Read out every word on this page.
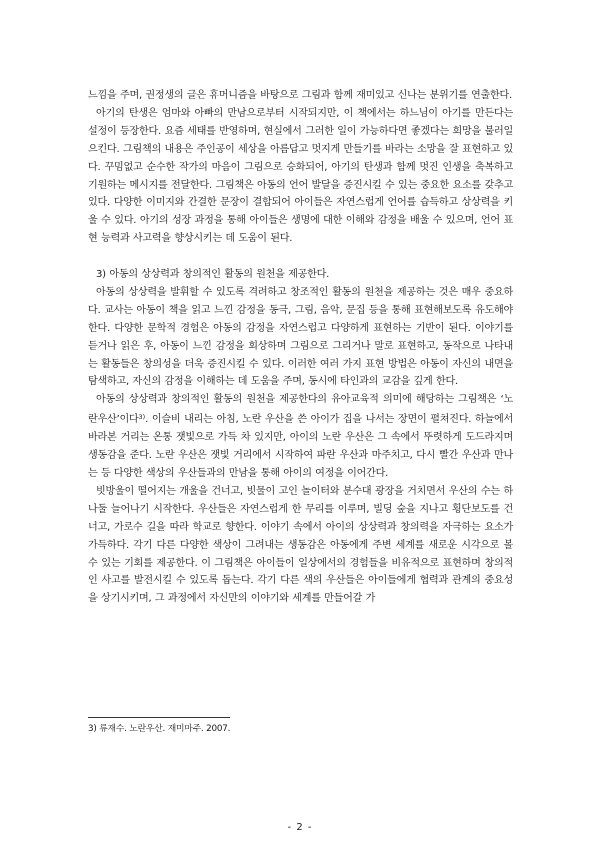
느낌을 주며, 권정생의 글은 휴머니즘을 바탕으로 그림과 함께 재미있고 신나는 분위기를 연출한다.

아기의 탄생은 엄마와 아빠의 만남으로부터 시작되지만, 이 책에서는 하느님이 아기를 만든다는 설정이 등장한다. 요즘 세태를 반영하며, 현실에서 그러한 일이 가능하다면 좋겠다는 희망을 불러일으킨다. 그림책의 내용은 주인공이 세상을 아름답고 멋지게 만들기를 바라는 소망을 잘 표현하고 있다. 꾸밈없고 순수한 작가의 마음이 그림으로 승화되어, 아기의 탄생과 함께 멋진 인생을 축복하고 기원하는 메시지를 전달한다. 그림책은 아동의 언어 발달을 증진시킬 수 있는 중요한 요소를 갖추고 있다. 다양한 이미지와 간결한 문장이 결합되어 아이들은 자연스럽게 언어를 습득하고 상상력을 키울 수 있다. 아기의 성장 과정을 통해 아이들은 생명에 대한 이해와 감정을 배울 수 있으며, 언어 표현 능력과 사고력을 향상시키는 데 도움이 된다.

3) 아동의 상상력과 창의적인 활동의 원천을 제공한다.

아동의 상상력을 발휘할 수 있도록 격려하고 창조적인 활동의 원천을 제공하는 것은 매우 중요하다. 교사는 아동이 책을 읽고 느낀 감정을 동극, 그림, 음악, 문집 등을 통해 표현해보도록 유도해야 한다. 다양한 문학적 경험은 아동의 감정을 자연스럽고 다양하게 표현하는 기반이 된다. 이야기를 듣거나 읽은 후, 아동이 느낀 감정을 회상하며 그림으로 그리거나 말로 표현하고, 동작으로 나타내는 활동들은 창의성을 더욱 증진시킬 수 있다. 이러한 여러 가지 표현 방법은 아동이 자신의 내면을 탐색하고, 자신의 감정을 이해하는 데 도움을 주며, 동시에 타인과의 교감을 깊게 한다.

아동의 상상력과 창의적인 활동의 원천을 제공한다의 유아교육적 의미에 해당하는 그림책은 ‘노란우산’이다$^{3)}$. 이슬비 내리는 아침, 노란 우산을 쓴 아이가 집을 나서는 장면이 펼쳐진다. 하늘에서 바라본 거리는 온통 잿빛으로 가득 차 있지만, 아이의 노란 우산은 그 속에서 뚜렷하게 도드라지며 생동감을 준다. 노란 우산은 잿빛 거리에서 시작하여 파란 우산과 마주치고, 다시 빨간 우산과 만나는 등 다양한 색상의 우산들과의 만남을 통해 아이의 여정을 이어간다.

빗방울이 떨어지는 개울을 건너고, 빗물이 고인 놀이터와 분수대 광장을 거치면서 우산의 수는 하나둘 늘어나기 시작한다. 우산들은 자연스럽게 한 무리를 이루며, 빌딩 숲을 지나고 횡단보도를 건너고, 가로수 길을 따라 학교로 향한다. 이야기 속에서 아이의 상상력과 창의력을 자극하는 요소가 가득하다. 각기 다른 다양한 색상이 그려내는 생동감은 아동에게 주변 세계를 새로운 시각으로 볼 수 있는 기회를 제공한다. 이 그림책은 아이들이 일상에서의 경험들을 비유적으로 표현하며 창의적인 사고를 발전시킬 수 있도록 돕는다. 각기 다른 색의 우산들은 아이들에게 협력과 관계의 중요성을 상기시키며, 그 과정에서 자신만의 이야기와 세계를 만들어갈 가

3) 류재수. 노란우산. 재미마주. 2007.
- 2 -
